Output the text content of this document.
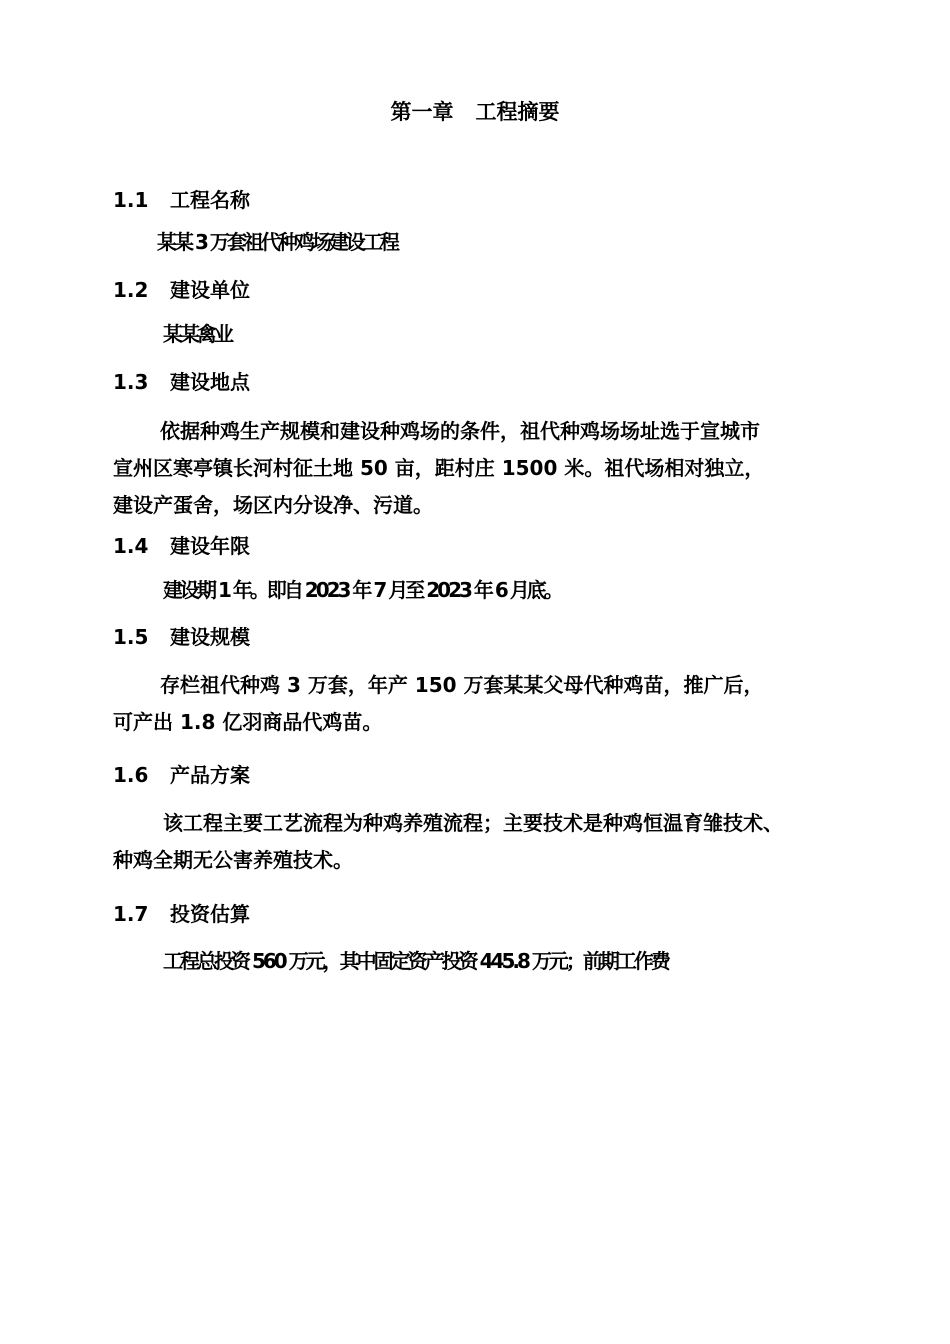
第一章 工程摘要
1.1 工程名称
某某 3 万套祖代种鸡场建设工程
1.2 建设单位
某某禽业
1.3 建设地点
依据种鸡生产规模和建设种鸡场的条件，祖代种鸡场场址选于宣城市
宣州区寒亭镇长河村征土地 50 亩，距村庄 1500 米。祖代场相对独立，
建设产蛋舍，场区内分设净、污道。
1.4 建设年限
建设期 1 年。即自 2023 年 7 月至 2023 年 6 月底。
1.5 建设规模
存栏祖代种鸡 3 万套，年产 150 万套某某父母代种鸡苗，推广后，
可产出 1.8 亿羽商品代鸡苗。
1.6 产品方案
该工程主要工艺流程为种鸡养殖流程；主要技术是种鸡恒温育雏技术、
种鸡全期无公害养殖技术。
1.7 投资估算
工程总投资 560 万元，其中固定资产投资 445.8 万元；前期工作费
